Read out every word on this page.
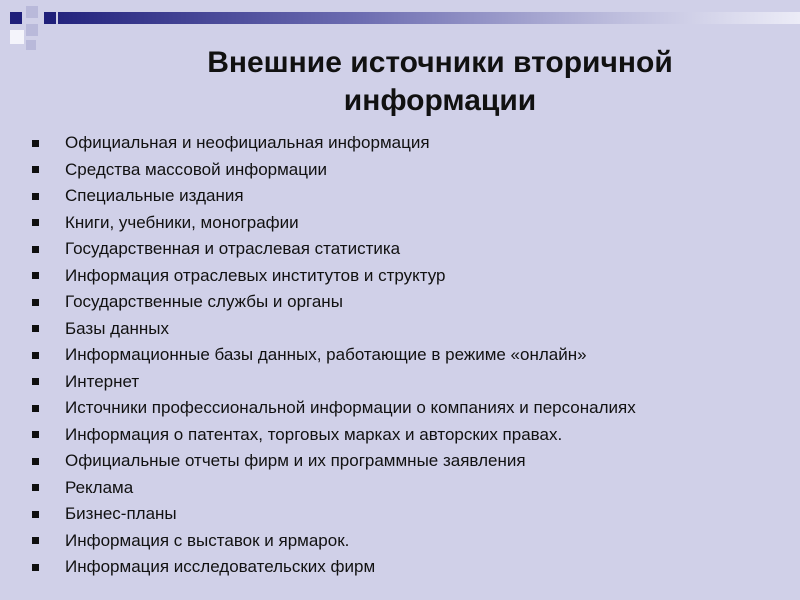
Внешние источники вторичной
информации
Официальная и неофициальная информация
Средства массовой информации
Специальные издания
Книги, учебники, монографии
Государственная и отраслевая статистика
Информация отраслевых институтов и структур
Государственные службы и органы
Базы данных
Информационные базы данных, работающие в режиме «онлайн»
Интернет
Источники профессиональной информации о компаниях и персоналиях
Информация о патентах, торговых марках и авторских правах.
Официальные отчеты фирм и их программные заявления
Реклама
Бизнес-планы
Информация с выставок и ярмарок.
Информация исследовательских фирм
